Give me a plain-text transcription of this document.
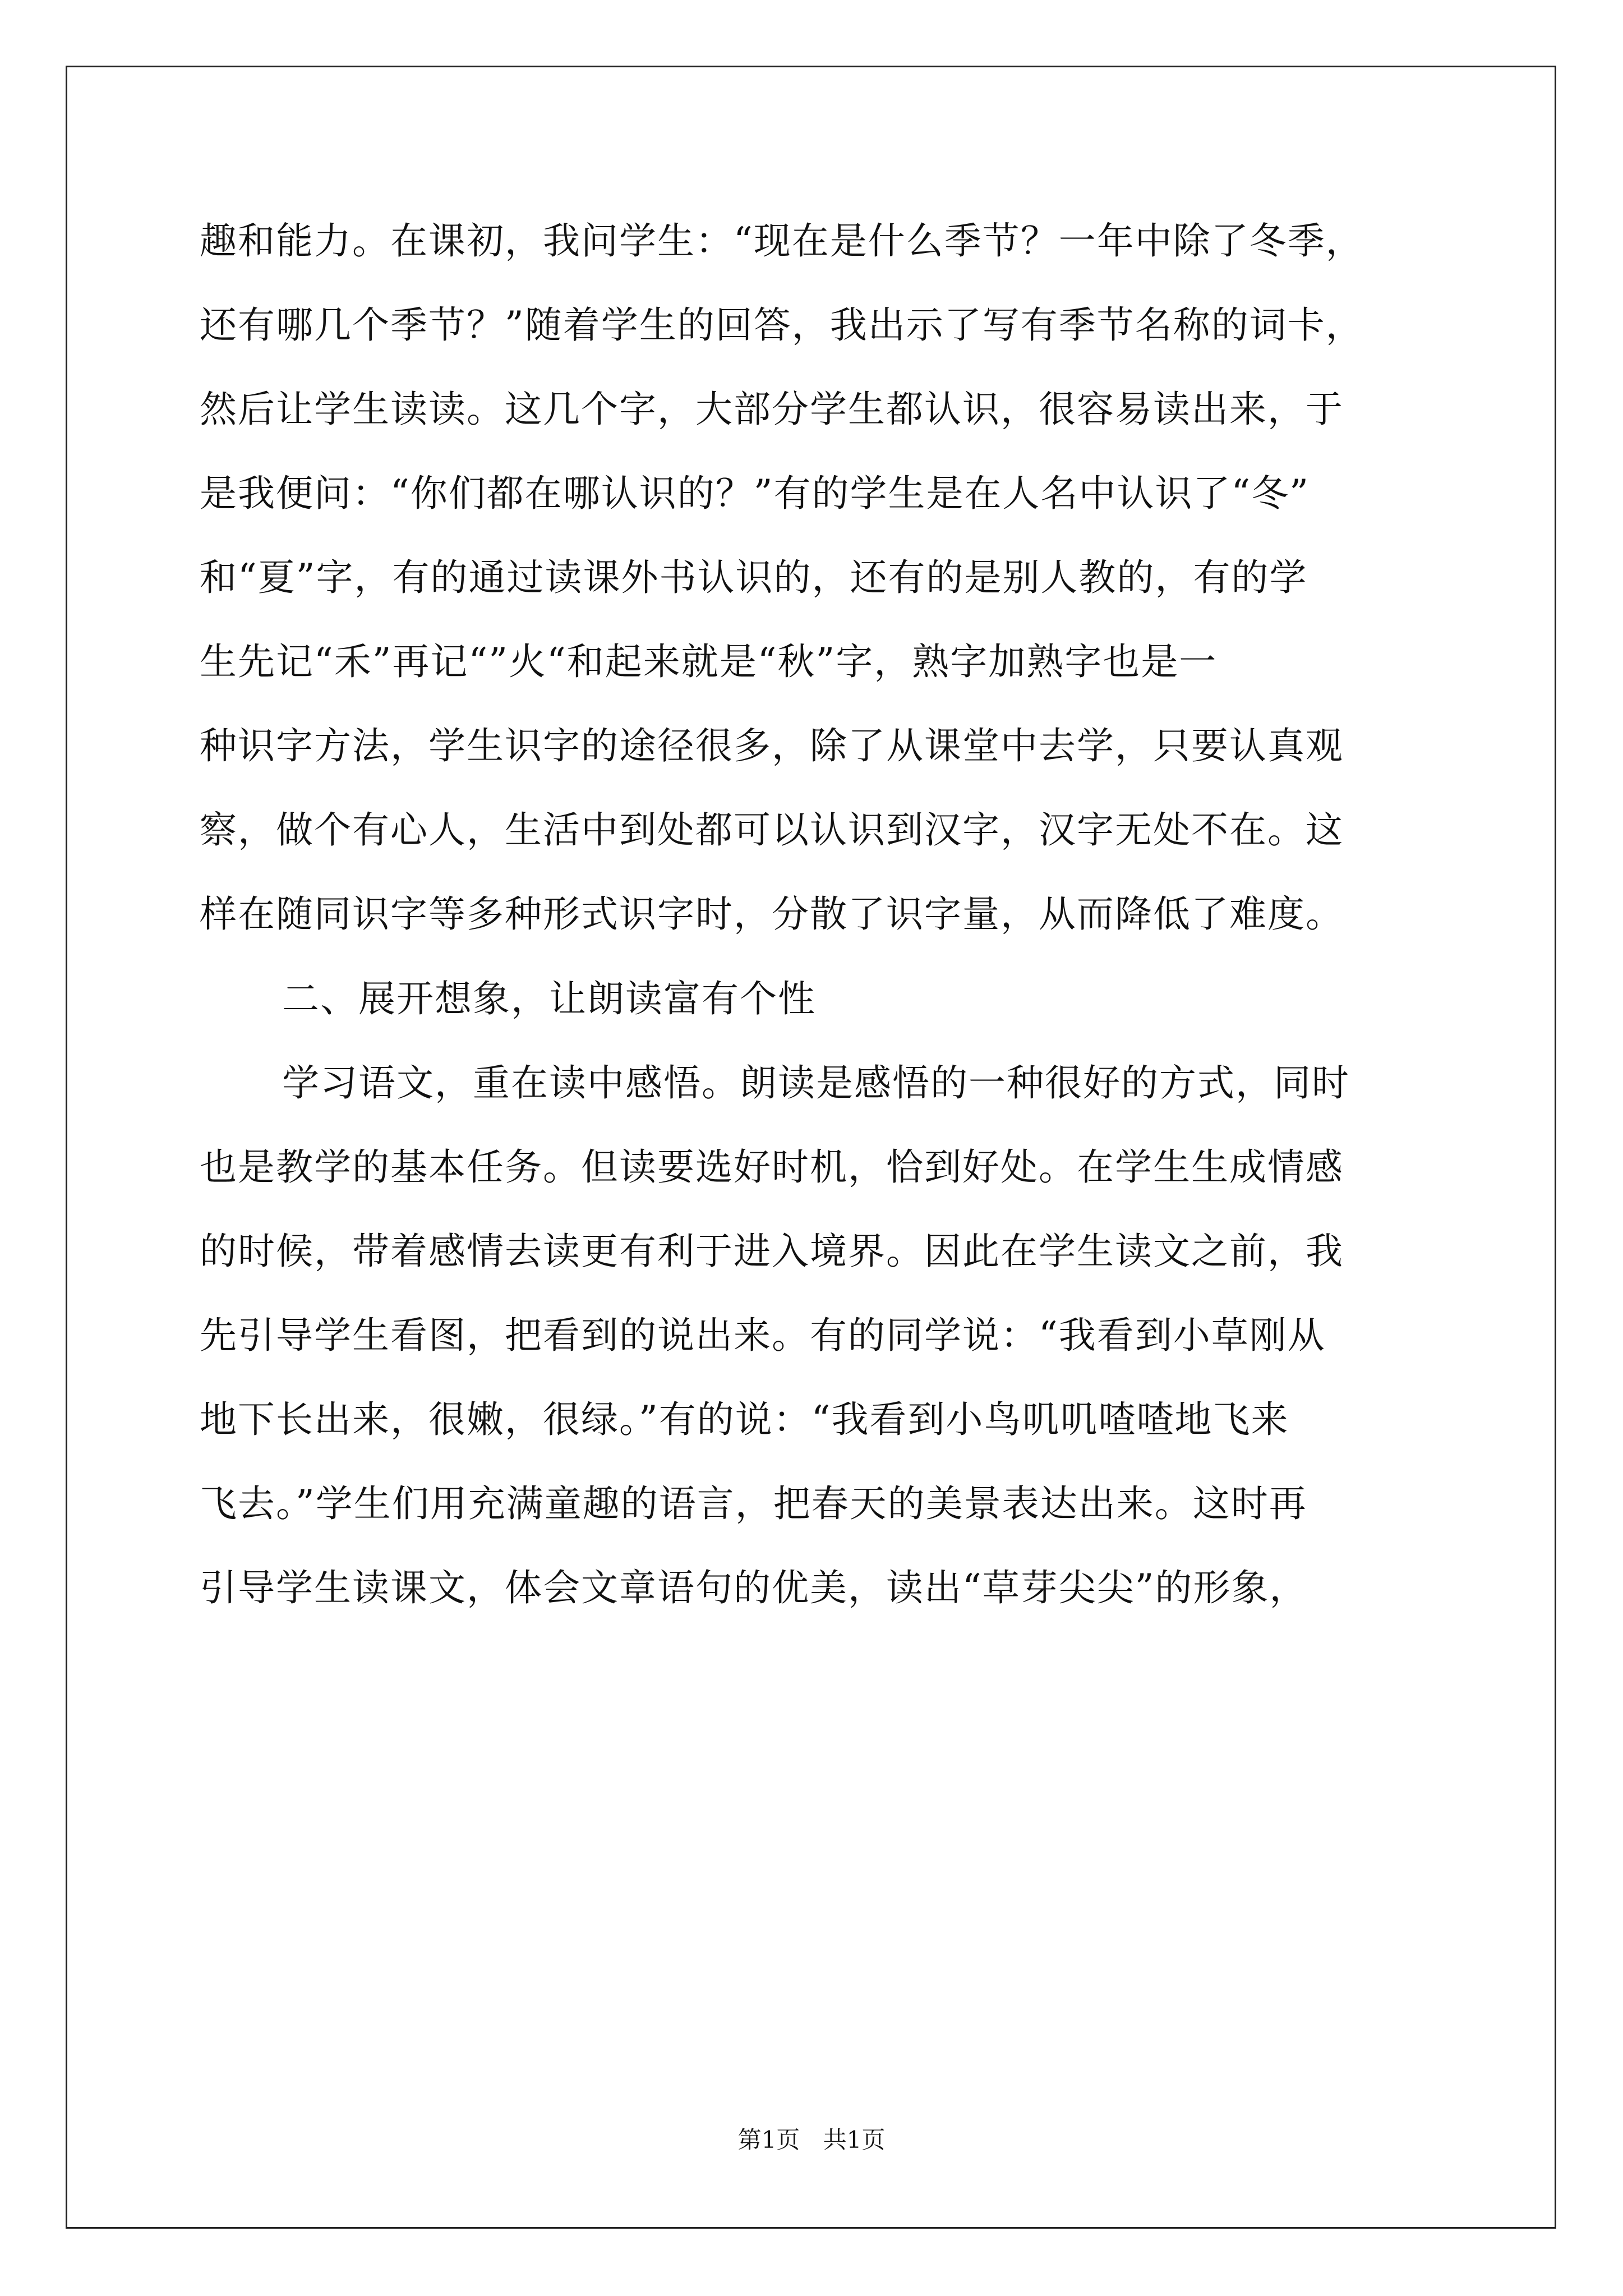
趣和能力。在课初，我问学生：“现在是什么季节？一年中除了冬季，
还有哪几个季节？”随着学生的回答，我出示了写有季节名称的词卡，
然后让学生读读。这几个字，大部分学生都认识，很容易读出来，于
是我便问：“你们都在哪认识的？”有的学生是在人名中认识了“冬”
和“夏”字，有的通过读课外书认识的，还有的是别人教的，有的学
生先记“禾”再记“”火“和起来就是“秋”字，熟字加熟字也是一
种识字方法，学生识字的途径很多，除了从课堂中去学，只要认真观
察，做个有心人，生活中到处都可以认识到汉字，汉字无处不在。这
样在随同识字等多种形式识字时，分散了识字量，从而降低了难度。
二、展开想象，让朗读富有个性
学习语文，重在读中感悟。朗读是感悟的一种很好的方式，同时
也是教学的基本任务。但读要选好时机，恰到好处。在学生生成情感
的时候，带着感情去读更有利于进入境界。因此在学生读文之前，我
先引导学生看图，把看到的说出来。有的同学说：“我看到小草刚从
地下长出来，很嫩，很绿。”有的说：“我看到小鸟叽叽喳喳地飞来
飞去。”学生们用充满童趣的语言，把春天的美景表达出来。这时再
引导学生读课文，体会文章语句的优美，读出“草芽尖尖”的形象，
第1页 共1页
